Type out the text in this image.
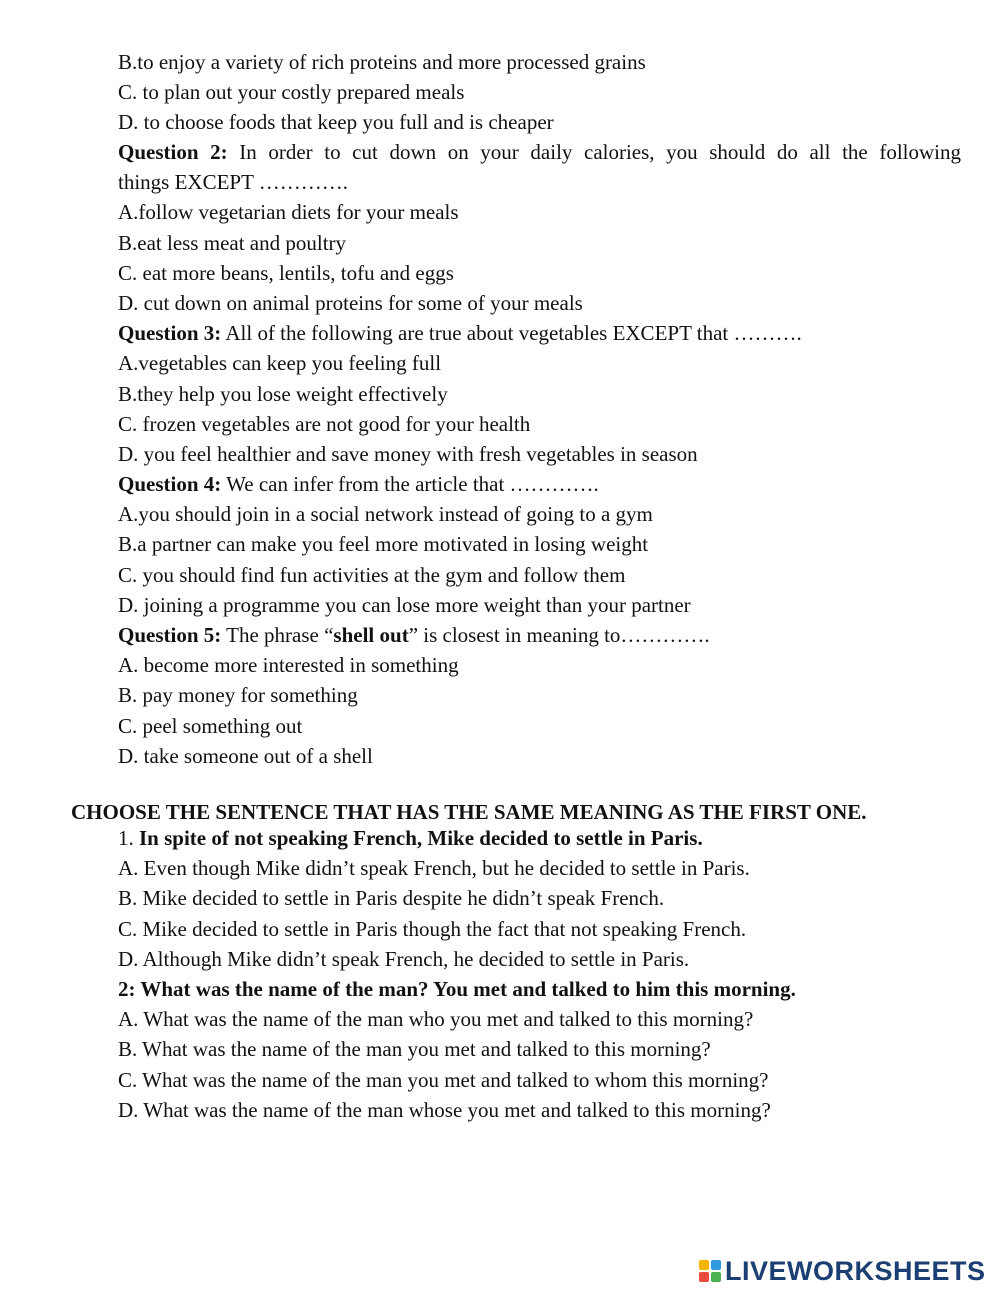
B.to enjoy a variety of rich proteins and more processed grains
C. to plan out your costly prepared meals
D. to choose foods that keep you full and is cheaper
Question 2: In order to cut down on your daily calories, you should do all the following
things EXCEPT ………….
A.follow vegetarian diets for your meals
B.eat less meat and poultry
C. eat more beans, lentils, tofu and eggs
D. cut down on animal proteins for some of your meals
Question 3: All of the following are true about vegetables EXCEPT that ……….
A.vegetables can keep you feeling full
B.they help you lose weight effectively
C. frozen vegetables are not good for your health
D. you feel healthier and save money with fresh vegetables in season
Question 4: We can infer from the article that ………….
A.you should join in a social network instead of going to a gym
B.a partner can make you feel more motivated in losing weight
C. you should find fun activities at the gym and follow them
D. joining a programme you can lose more weight than your partner
Question 5: The phrase “shell out” is closest in meaning to………….
A. become more interested in something
B. pay money for something
C. peel something out
D. take someone out of a shell
CHOOSE THE SENTENCE THAT HAS THE SAME MEANING AS THE FIRST ONE.
1. In spite of not speaking French, Mike decided to settle in Paris.
A. Even though Mike didn’t speak French, but he decided to settle in Paris.
B. Mike decided to settle in Paris despite he didn’t speak French.
C. Mike decided to settle in Paris though the fact that not speaking French.
D. Although Mike didn’t speak French, he decided to settle in Paris.
2: What was the name of the man? You met and talked to him this morning.
A. What was the name of the man who you met and talked to this morning?
B. What was the name of the man you met and talked to this morning?
C. What was the name of the man you met and talked to whom this morning?
D. What was the name of the man whose you met and talked to this morning?
LIVEWORKSHEETS
